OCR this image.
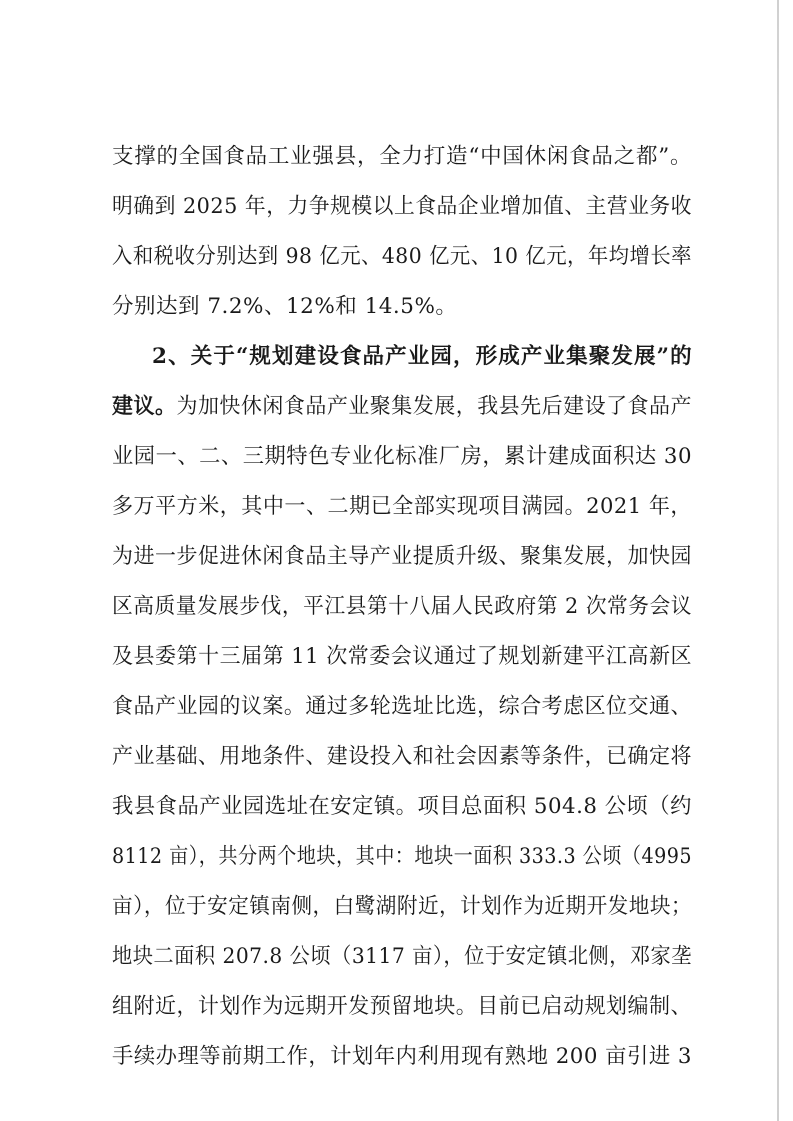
支撑的全国食品工业强县，全力打造“中国休闲食品之都”。
明确到 2025 年，力争规模以上食品企业增加值、主营业务收
入和税收分别达到 98 亿元、480 亿元、10 亿元，年均增长率
分别达到 7.2%、12%和 14.5%。
2、关于“规划建设食品产业园，形成产业集聚发展”的
建议。为加快休闲食品产业聚集发展，我县先后建设了食品产
业园一、二、三期特色专业化标准厂房，累计建成面积达 30
多万平方米，其中一、二期已全部实现项目满园。2021 年，
为进一步促进休闲食品主导产业提质升级、聚集发展，加快园
区高质量发展步伐，平江县第十八届人民政府第 2 次常务会议
及县委第十三届第 11 次常委会议通过了规划新建平江高新区
食品产业园的议案。通过多轮选址比选，综合考虑区位交通、
产业基础、用地条件、建设投入和社会因素等条件，已确定将
我县食品产业园选址在安定镇。项目总面积 504.8 公顷（约
8112 亩），共分两个地块，其中：地块一面积 333.3 公顷（4995
亩），位于安定镇南侧，白鹭湖附近，计划作为近期开发地块；
地块二面积 207.8 公顷（3117 亩），位于安定镇北侧，邓家垄
组附近，计划作为远期开发预留地块。目前已启动规划编制、
手续办理等前期工作，计划年内利用现有熟地 200 亩引进 3
